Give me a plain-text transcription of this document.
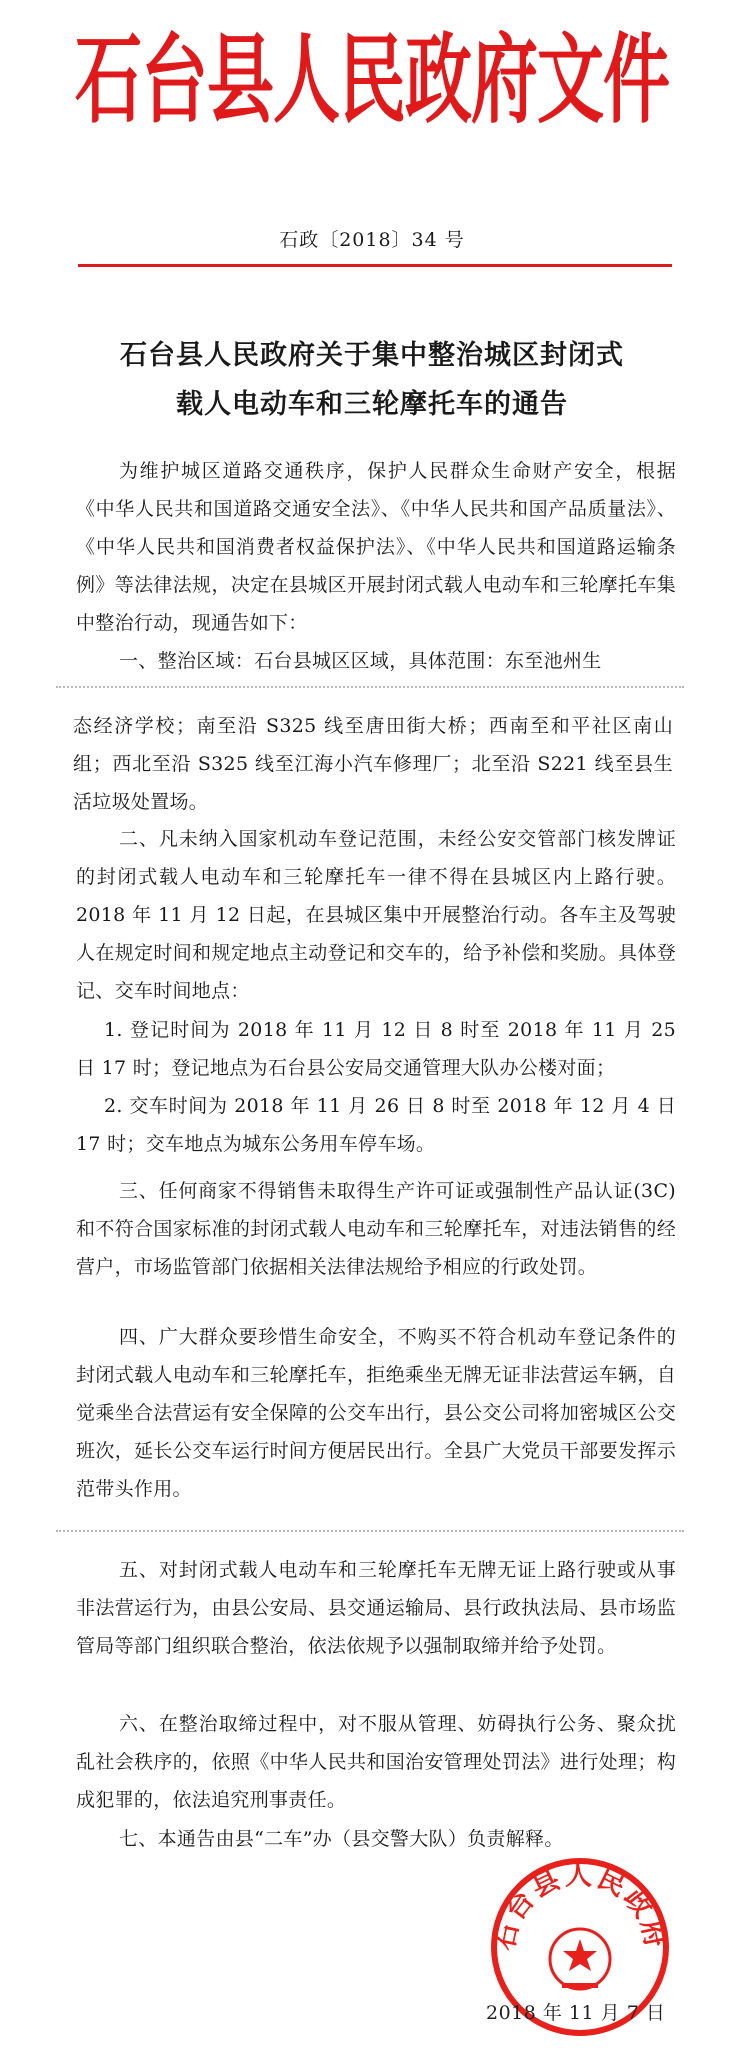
石台县人民政府文件
石政〔2018〕34 号
石台县人民政府关于集中整治城区封闭式
载人电动车和三轮摩托车的通告
为维护城区道路交通秩序，保护人民群众生命财产安全，根据《中华人民共和国道路交通安全法》、《中华人民共和国产品质量法》、《中华人民共和国消费者权益保护法》、《中华人民共和国道路运输条例》等法律法规，决定在县城区开展封闭式载人电动车和三轮摩托车集中整治行动，现通告如下：
一、整治区域：石台县城区区域，具体范围：东至池州生
态经济学校；南至沿 S325 线至唐田街大桥；西南至和平社区南山组；西北至沿 S325 线至江海小汽车修理厂；北至沿 S221 线至县生活垃圾处置场。
二、凡未纳入国家机动车登记范围，未经公安交管部门核发牌证的封闭式载人电动车和三轮摩托车一律不得在县城区内上路行驶。2018 年 11 月 12 日起，在县城区集中开展整治行动。各车主及驾驶人在规定时间和规定地点主动登记和交车的，给予补偿和奖励。具体登记、交车时间地点：
1. 登记时间为 2018 年 11 月 12 日 8 时至 2018 年 11 月 25 日 17 时；登记地点为石台县公安局交通管理大队办公楼对面；
2. 交车时间为 2018 年 11 月 26 日 8 时至 2018 年 12 月 4 日 17 时；交车地点为城东公务用车停车场。
三、任何商家不得销售未取得生产许可证或强制性产品认证(3C)和不符合国家标准的封闭式载人电动车和三轮摩托车，对违法销售的经营户，市场监管部门依据相关法律法规给予相应的行政处罚。
四、广大群众要珍惜生命安全，不购买不符合机动车登记条件的封闭式载人电动车和三轮摩托车，拒绝乘坐无牌无证非法营运车辆，自觉乘坐合法营运有安全保障的公交车出行，县公交公司将加密城区公交班次，延长公交车运行时间方便居民出行。全县广大党员干部要发挥示范带头作用。
五、对封闭式载人电动车和三轮摩托车无牌无证上路行驶或从事非法营运行为，由县公安局、县交通运输局、县行政执法局、县市场监管局等部门组织联合整治，依法依规予以强制取缔并给予处罚。
六、在整治取缔过程中，对不服从管理、妨碍执行公务、聚众扰乱社会秩序的，依照《中华人民共和国治安管理处罚法》进行处理；构成犯罪的，依法追究刑事责任。
七、本通告由县“二车”办（县交警大队）负责解释。
石台县人民政府
2018 年 11 月 7 日
